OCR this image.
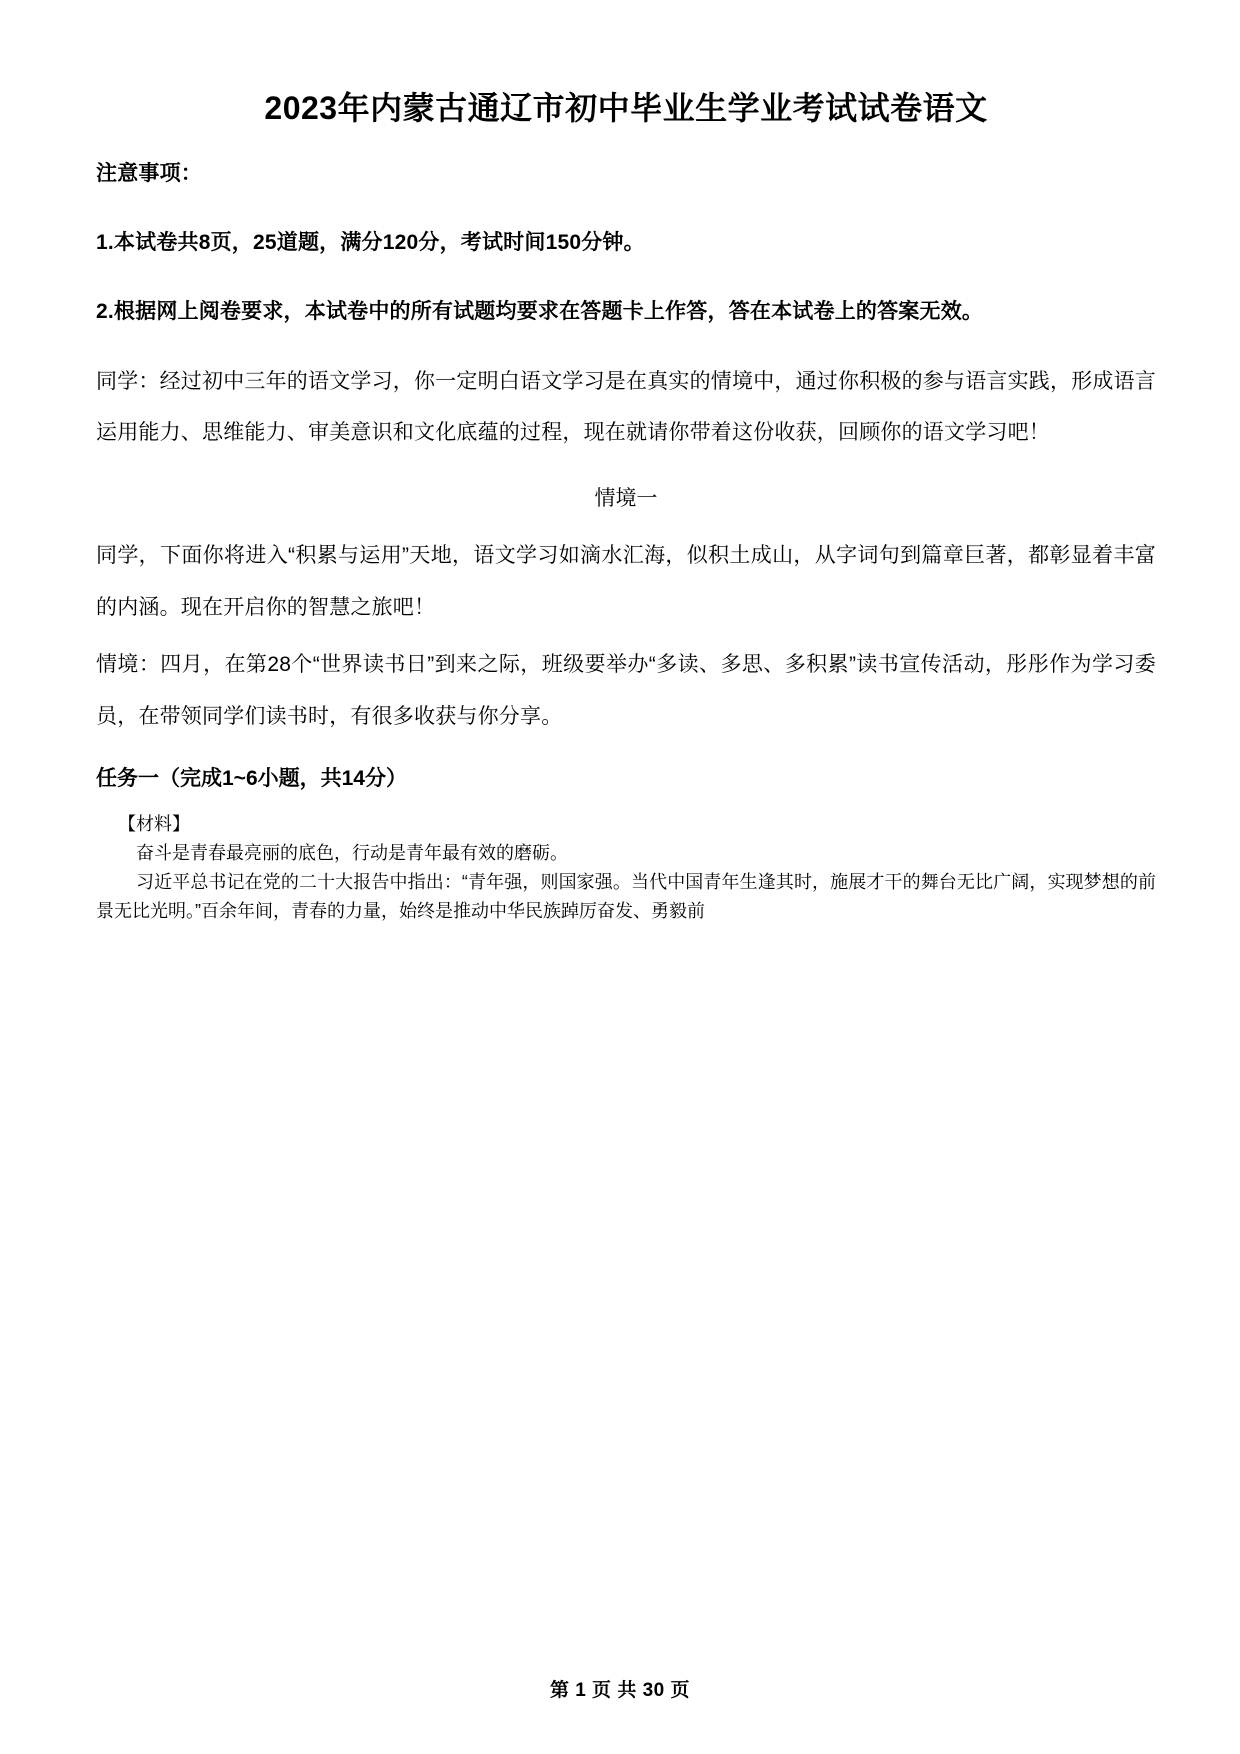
2023年内蒙古通辽市初中毕业生学业考试试卷语文

注意事项：

1.本试卷共8页，25道题，满分120分，考试时间150分钟。

2.根据网上阅卷要求，本试卷中的所有试题均要求在答题卡上作答，答在本试卷上的答案无效。

同学：经过初中三年的语文学习，你一定明白语文学习是在真实的情境中，通过你积极的参与语言实践，形成语言运用能力、思维能力、审美意识和文化底蕴的过程，现在就请你带着这份收获，回顾你的语文学习吧！

情境一

同学，下面你将进入“积累与运用”天地，语文学习如滴水汇海，似积土成山，从字词句到篇章巨著，都彰显着丰富的内涵。现在开启你的智慧之旅吧！

情境：四月，在第28个“世界读书日”到来之际，班级要举办“多读、多思、多积累”读书宣传活动，彤彤作为学习委员，在带领同学们读书时，有很多收获与你分享。

任务一（完成1~6小题，共14分）

【材料】

奋斗是青春最亮丽的底色，行动是青年最有效的磨砺。

习近平总书记在党的二十大报告中指出：“青年强，则国家强。当代中国青年生逢其时，施展才干的舞台无比广阔，实现梦想的前景无比光明。”百余年间，青春的力量，始终是推动中华民族踔厉奋发、勇毅前

第 1 页 共 30 页
